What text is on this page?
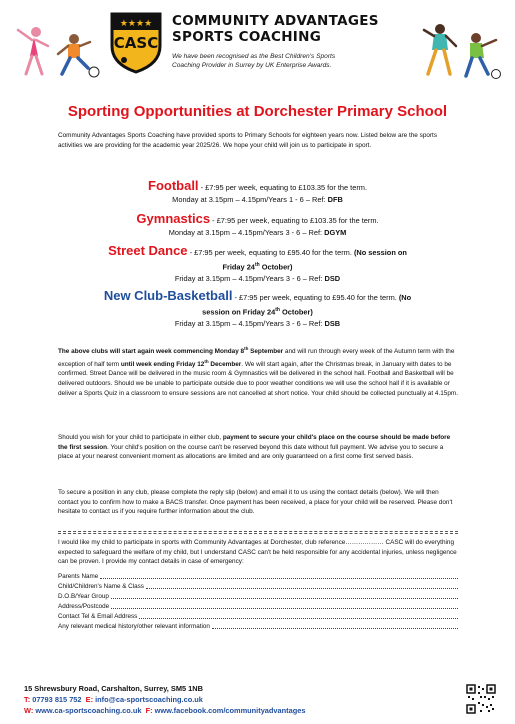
★★★★
CASC
COMMUNITY ADVANTAGES
SPORTS COACHING
We have been recognised as the Best Children's Sports
Coaching Provider in Surrey by UK Enterprise Awards.
Sporting Opportunities at Dorchester Primary School
Community Advantages Sports Coaching have provided sports to Primary Schools for eighteen years now. Listed below are the sports activities we are providing for the academic year 2025/26. We hope your child will join us to participate in sport.
Football - £7:95 per week, equating to £103.35 for the term.
Monday at 3.15pm – 4.15pm/Years 1 - 6 – Ref: DFB
Gymnastics - £7:95 per week, equating to £103.35 for the term.
Monday at 3.15pm – 4.15pm/Years 3 - 6 – Ref: DGYM
Street Dance - £7:95 per week, equating to £95.40 for the term. (No session on
Friday 24th October)
Friday at 3.15pm – 4.15pm/Years 3 - 6 – Ref: DSD
New Club-Basketball - £7:95 per week, equating to £95.40 for the term. (No
session on Friday 24th October)
Friday at 3.15pm – 4.15pm/Years 3 - 6 – Ref: DSB
The above clubs will start again week commencing Monday 8th September and will run through every week of the Autumn term with the exception of half term until week ending Friday 12th December. We will start again, after the Christmas break, in January with dates to be confirmed. Street Dance will be delivered in the music room & Gymnastics will be delivered in the school hall. Football and Basketball will be delivered outdoors. Should we be unable to participate outside due to poor weather conditions we will use the school hall if it is available or deliver a Sports Quiz in a classroom to ensure sessions are not cancelled at short notice. Your child should be collected punctually at 4.15pm.
Should you wish for your child to participate in either club, payment to secure your child's place on the course should be made before the first session. Your child's position on the course can't be reserved beyond this date without full payment. We advise you to secure a place at your nearest convenient moment as allocations are limited and are only guaranteed on a first come first served basis.
To secure a position in any club, please complete the reply slip (below) and email it to us using the contact details (below). We will then contact you to confirm how to make a BACS transfer. Once payment has been received, a place for your child will be reserved. Please don't hesitate to contact us if you require further information about the club.
I would like my child to participate in sports with Community Advantages at Dorchester, club reference……………… CASC will do everything expected to safeguard the welfare of my child, but I understand CASC can't be held responsible for any accidental injuries, unless negligence can be proven. I provide my contact details in case of emergency:
Parents Name
Child/Children's Name & Class
D.O.B/Year Group
Address/Postcode
Contact Tel & Email Address
Any relevant medical history/other relevant information
15 Shrewsbury Road, Carshalton, Surrey, SM5 1NB
T: 07793 815 752 E: info@ca-sportscoaching.co.uk
W: www.ca-sportscoaching.co.uk F: www.facebook.com/communityadvantages
